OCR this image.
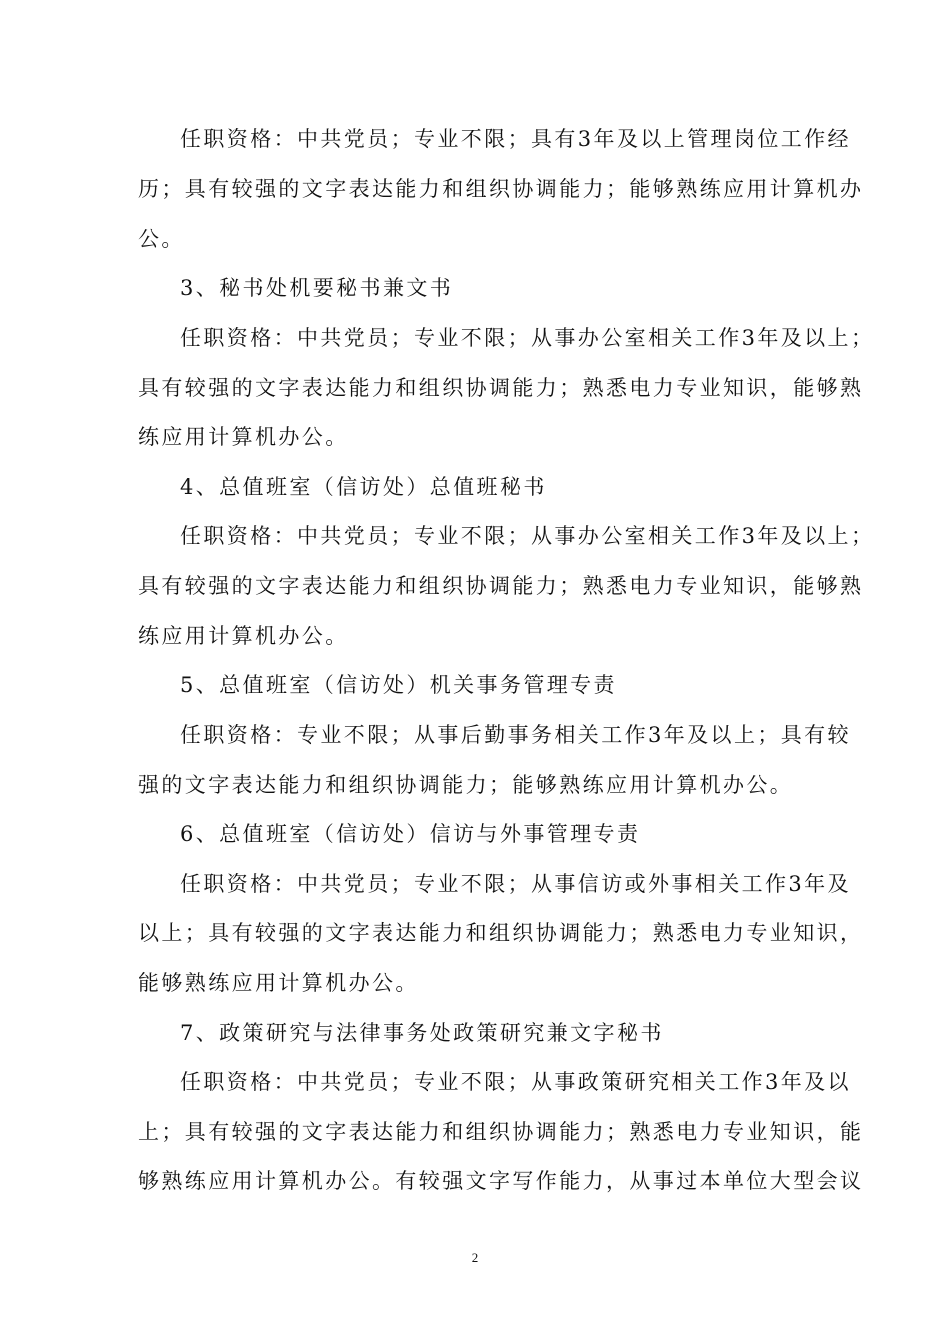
任职资格：中共党员；专业不限；具有3年及以上管理岗位工作经
历；具有较强的文字表达能力和组织协调能力；能够熟练应用计算机办
公。
3、秘书处机要秘书兼文书
任职资格：中共党员；专业不限；从事办公室相关工作3年及以上；
具有较强的文字表达能力和组织协调能力；熟悉电力专业知识，能够熟
练应用计算机办公。
4、总值班室（信访处）总值班秘书
任职资格：中共党员；专业不限；从事办公室相关工作3年及以上；
具有较强的文字表达能力和组织协调能力；熟悉电力专业知识，能够熟
练应用计算机办公。
5、总值班室（信访处）机关事务管理专责
任职资格：专业不限；从事后勤事务相关工作3年及以上；具有较
强的文字表达能力和组织协调能力；能够熟练应用计算机办公。
6、总值班室（信访处）信访与外事管理专责
任职资格：中共党员；专业不限；从事信访或外事相关工作3年及
以上；具有较强的文字表达能力和组织协调能力；熟悉电力专业知识，
能够熟练应用计算机办公。
7、政策研究与法律事务处政策研究兼文字秘书
任职资格：中共党员；专业不限；从事政策研究相关工作3年及以
上；具有较强的文字表达能力和组织协调能力；熟悉电力专业知识，能
够熟练应用计算机办公。有较强文字写作能力，从事过本单位大型会议
2
